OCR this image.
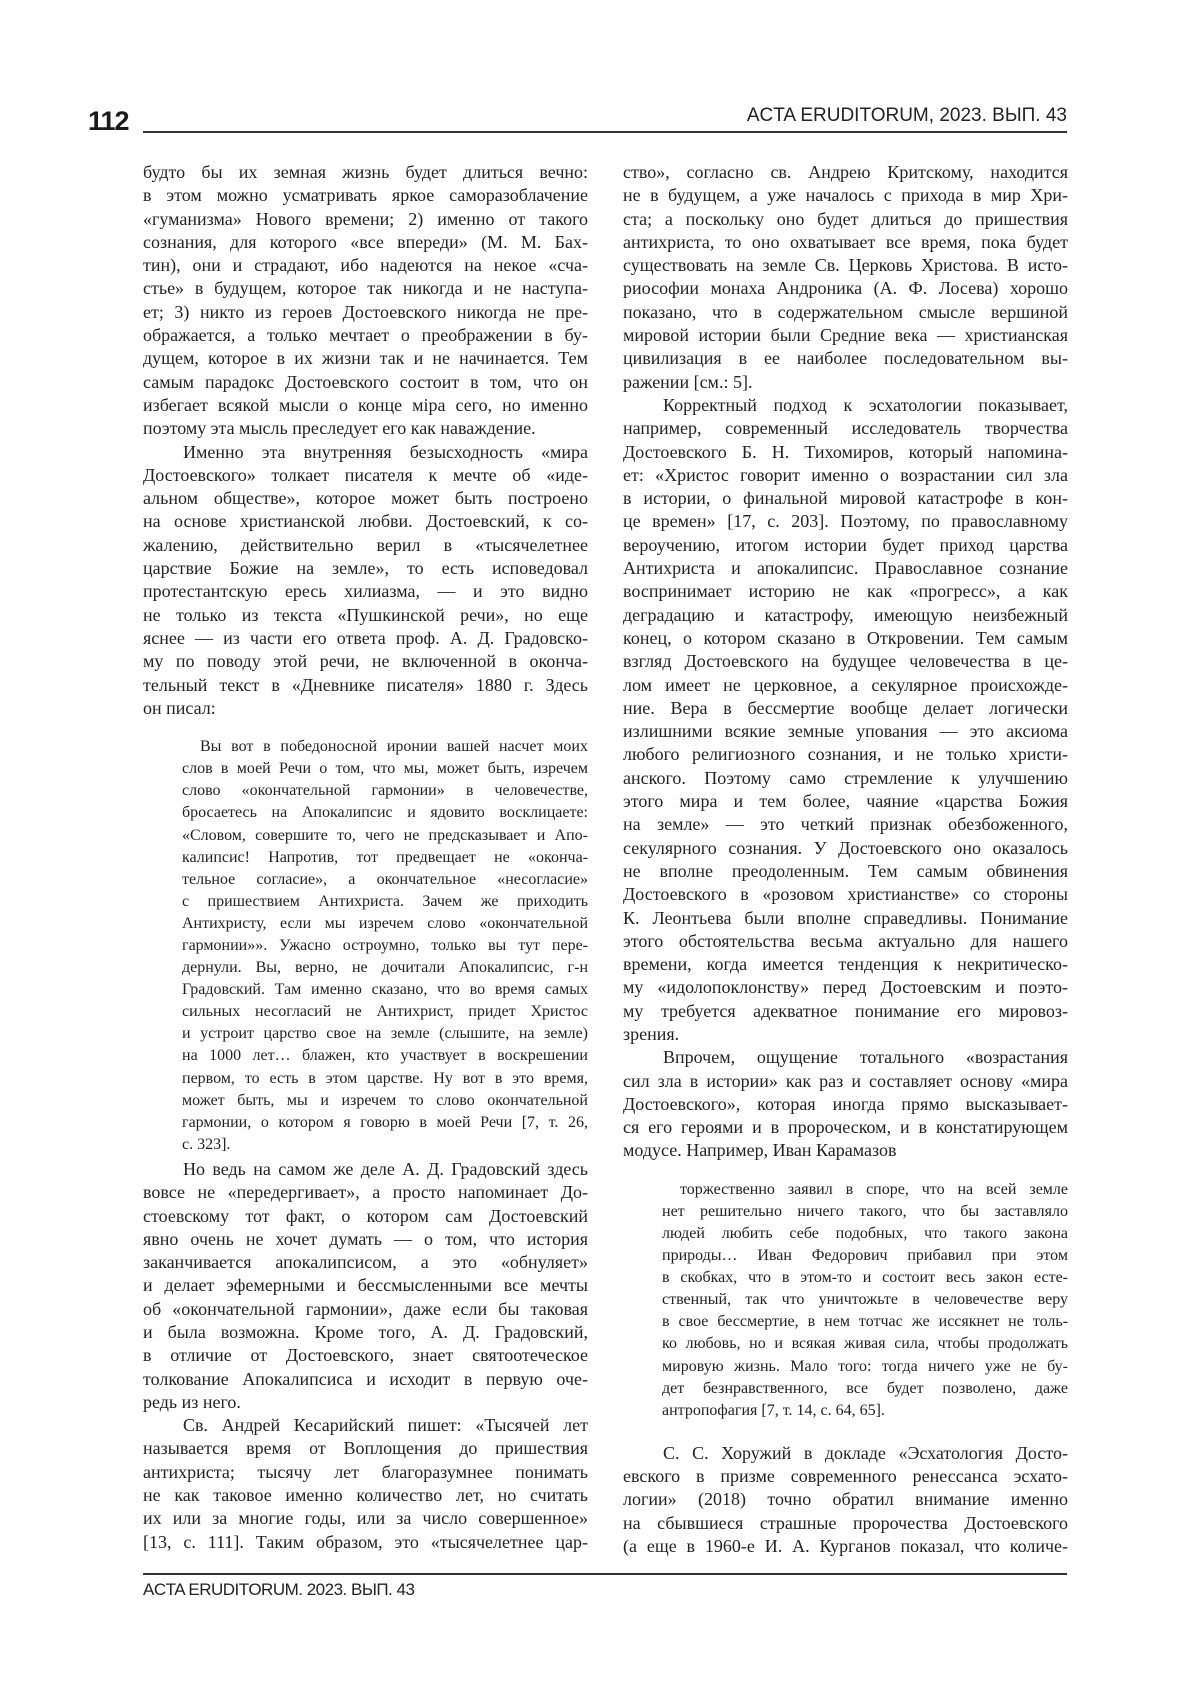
112	ACTA ERUDITORUM, 2023. ВЫП. 43
будто бы их земная жизнь будет длиться вечно:
в этом можно усматривать яркое саморазоблачение
«гуманизма» Нового времени; 2) именно от такого
сознания, для которого «все впереди» (М. М. Бах-
тин), они и страдают, ибо надеются на некое «сча-
стье» в будущем, которое так никогда и не наступа-
ет; 3) никто из героев Достоевского никогда не пре-
ображается, а только мечтает о преображении в бу-
дущем, которое в их жизни так и не начинается. Тем
самым парадокс Достоевского состоит в том, что он
избегает всякой мысли о конце міра сего, но именно
поэтому эта мысль преследует его как наваждение.
Именно эта внутренняя безысходность «мира
Достоевского» толкает писателя к мечте об «иде-
альном обществе», которое может быть построено
на основе христианской любви. Достоевский, к со-
жалению, действительно верил в «тысячелетнее
царствие Божие на земле», то есть исповедовал
протестантскую ересь хилиазма, — и это видно
не только из текста «Пушкинской речи», но еще
яснее — из части его ответа проф. А. Д. Градовско-
му по поводу этой речи, не включенной в оконча-
тельный текст в «Дневнике писателя» 1880 г. Здесь
он писал:
Вы вот в победоносной иронии вашей насчет моих
слов в моей Речи о том, что мы, может быть, изречем
слово «окончательной гармонии» в человечестве,
бросаетесь на Апокалипсис и ядовито восклицаете:
«Словом, совершите то, чего не предсказывает и Апо-
калипсис! Напротив, тот предвещает не «оконча-
тельное согласие», а окончательное «несогласие»
с пришествием Антихриста. Зачем же приходить
Антихристу, если мы изречем слово «окончательной
гармонии»». Ужасно остроумно, только вы тут пере-
дернули. Вы, верно, не дочитали Апокалипсис, г-н
Градовский. Там именно сказано, что во время самых
сильных несогласий не Антихрист, придет Христос
и устроит царство свое на земле (слышите, на земле)
на 1000 лет… блажен, кто участвует в воскрешении
первом, то есть в этом царстве. Ну вот в это время,
может быть, мы и изречем то слово окончательной
гармонии, о котором я говорю в моей Речи [7, т. 26,
с. 323].
Но ведь на самом же деле А. Д. Градовский здесь
вовсе не «передергивает», а просто напоминает До-
стоевскому тот факт, о котором сам Достоевский
явно очень не хочет думать — о том, что история
заканчивается апокалипсисом, а это «обнуляет»
и делает эфемерными и бессмысленными все мечты
об «окончательной гармонии», даже если бы таковая
и была возможна. Кроме того, А. Д. Градовский,
в отличие от Достоевского, знает святоотеческое
толкование Апокалипсиса и исходит в первую оче-
редь из него.
Св. Андрей Кесарийский пишет: «Тысячей лет
называется время от Воплощения до пришествия
антихриста; тысячу лет благоразумнее понимать
не как таковое именно количество лет, но считать
их или за многие годы, или за число совершенное»
[13, с. 111]. Таким образом, это «тысячелетнее цар-
ство», согласно св. Андрею Критскому, находится
не в будущем, а уже началось с прихода в мир Хри-
ста; а поскольку оно будет длиться до пришествия
антихриста, то оно охватывает все время, пока будет
существовать на земле Св. Церковь Христова. В исто-
риософии монаха Андроника (А. Ф. Лосева) хорошо
показано, что в содержательном смысле вершиной
мировой истории были Средние века — христианская
цивилизация в ее наиболее последовательном вы-
ражении [см.: 5].
Корректный подход к эсхатологии показывает,
например, современный исследователь творчества
Достоевского Б. Н. Тихомиров, который напомина-
ет: «Христос говорит именно о возрастании сил зла
в истории, о финальной мировой катастрофе в кон-
це времен» [17, с. 203]. Поэтому, по православному
вероучению, итогом истории будет приход царства
Антихриста и апокалипсис. Православное сознание
воспринимает историю не как «прогресс», а как
деградацию и катастрофу, имеющую неизбежный
конец, о котором сказано в Откровении. Тем самым
взгляд Достоевского на будущее человечества в це-
лом имеет не церковное, а секулярное происхожде-
ние. Вера в бессмертие вообще делает логически
излишними всякие земные упования — это аксиома
любого религиозного сознания, и не только христи-
анского. Поэтому само стремление к улучшению
этого мира и тем более, чаяние «царства Божия
на земле» — это четкий признак обезбоженного,
секулярного сознания. У Достоевского оно оказалось
не вполне преодоленным. Тем самым обвинения
Достоевского в «розовом христианстве» со стороны
К. Леонтьева были вполне справедливы. Понимание
этого обстоятельства весьма актуально для нашего
времени, когда имеется тенденция к некритическо-
му «идолопоклонству» перед Достоевским и поэто-
му требуется адекватное понимание его мировоз-
зрения.
Впрочем, ощущение тотального «возрастания
сил зла в истории» как раз и составляет основу «мира
Достоевского», которая иногда прямо высказывает-
ся его героями и в пророческом, и в констатирующем
модусе. Например, Иван Карамазов
торжественно заявил в споре, что на всей земле
нет решительно ничего такого, что бы заставляло
людей любить себе подобных, что такого закона
природы… Иван Федорович прибавил при этом
в скобках, что в этом-то и состоит весь закон есте-
ственный, так что уничтожьте в человечестве веру
в свое бессмертие, в нем тотчас же иссякнет не толь-
ко любовь, но и всякая живая сила, чтобы продолжать
мировую жизнь. Мало того: тогда ничего уже не бу-
дет безнравственного, все будет позволено, даже
антропофагия [7, т. 14, с. 64, 65].
С. С. Хоружий в докладе «Эсхатология Досто-
евского в призме современного ренессанса эсхато-
логии» (2018) точно обратил внимание именно
на сбывшиеся страшные пророчества Достоевского
(а еще в 1960-е И. А. Курганов показал, что количе-
ACTA ERUDITORUM. 2023. ВЫП. 43
